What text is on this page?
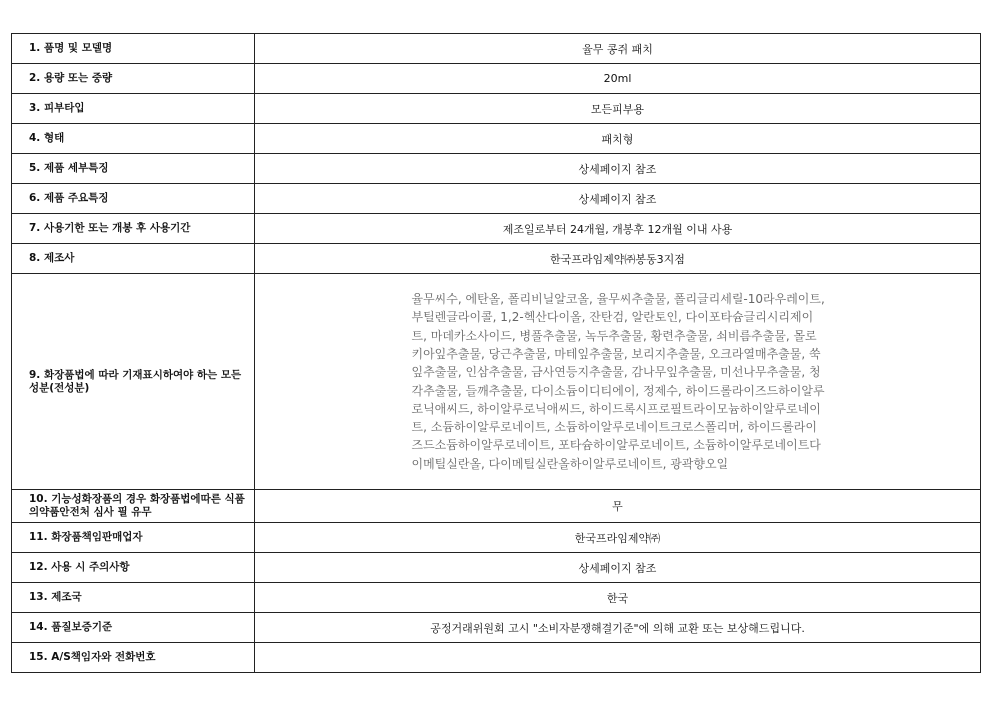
1. 품명 및 모델명	율무 콩쥐 패치
2. 용량 또는 중량	20ml
3. 피부타입	모든피부용
4. 형태	패치형
5. 제품 세부특징	상세페이지 참조
6. 제품 주요특징	상세페이지 참조
7. 사용기한 또는 개봉 후 사용기간	제조일로부터 24개월, 개봉후 12개월 이내 사용
8. 제조사	한국프라임제약㈜봉동3지점
9. 화장품법에 따라 기재표시하여야 하는 모든 성분(전성분)	율무씨수, 에탄올, 폴리비닐알코올, 율무씨추출물, 폴리글리세릴-10라우레이트, 부틸렌글라이콜, 1,2-헥산다이올, 잔탄검, 알란토인, 다이포타슘글리시리제이트, 마데카소사이드, 병풀추출물, 녹두추출물, 황련추출물, 쇠비름추출물, 몰로키아잎추출물, 당근추출물, 마테잎추출물, 보리지추출물, 오크라열매추출물, 쑥잎추출물, 인삼추출물, 금사연등지추출물, 감나무잎추출물, 미선나무추출물, 청각추출물, 들깨추출물, 다이소듐이디티에이, 정제수, 하이드롤라이즈드하이알루로닉애씨드, 하이알루로닉애씨드, 하이드록시프로필트라이모늄하이알루로네이트, 소듐하이알루로네이트, 소듐하이알루로네이트크로스폴리머, 하이드롤라이즈드소듐하이알루로네이트, 포타슘하이알루로네이트, 소듐하이알루로네이트다이메틸실란올, 다이메틸실란올하이알루로네이트, 광곽향오일

10. 기능성화장품의 경우 화장품법에따른 식품의약품안전처 심사 필 유무	무
11. 화장품책임판매업자	한국프라임제약㈜
12. 사용 시 주의사항	상세페이지 참조
13. 제조국	한국
14. 품질보증기준	공정거래위원회 고시 "소비자분쟁해결기준"에 의해 교환 또는 보상해드립니다.
15. A/S책임자와 전화번호	
